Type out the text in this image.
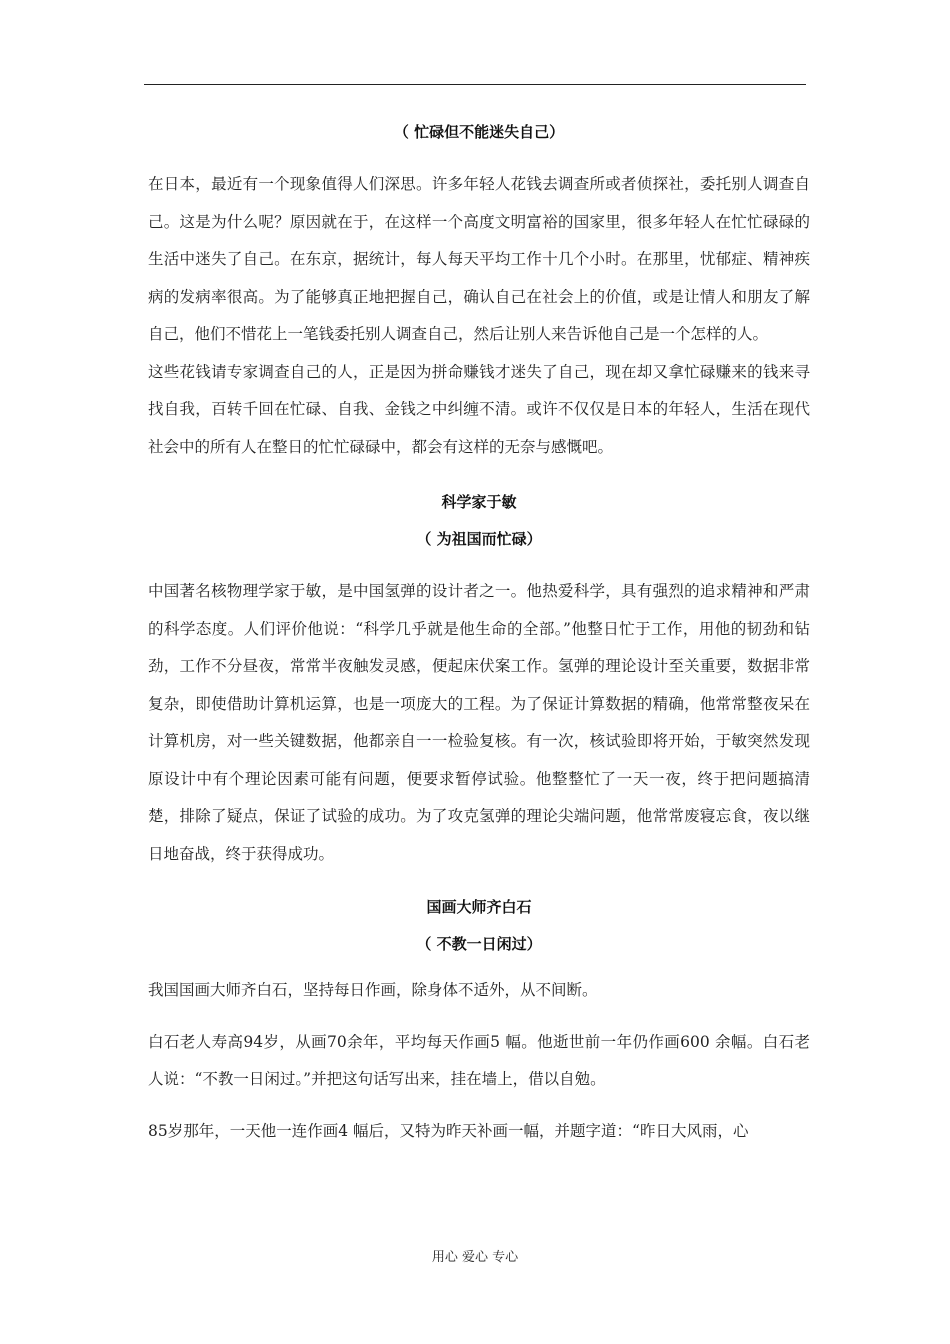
（ 忙碌但不能迷失自己）

在日本，最近有一个现象值得人们深思。许多年轻人花钱去调查所或者侦探社，委托别人调查自己。这是为什么呢？原因就在于，在这样一个高度文明富裕的国家里，很多年轻人在忙忙碌碌的生活中迷失了自己。在东京，据统计，每人每天平均工作十几个小时。在那里，忧郁症、精神疾病的发病率很高。为了能够真正地把握自己，确认自己在社会上的价值，或是让情人和朋友了解自己，他们不惜花上一笔钱委托别人调查自己，然后让别人来告诉他自己是一个怎样的人。

这些花钱请专家调查自己的人，正是因为拼命赚钱才迷失了自己，现在却又拿忙碌赚来的钱来寻找自我，百转千回在忙碌、自我、金钱之中纠缠不清。或许不仅仅是日本的年轻人，生活在现代社会中的所有人在整日的忙忙碌碌中，都会有这样的无奈与感慨吧。

科学家于敏

（ 为祖国而忙碌）

中国著名核物理学家于敏，是中国氢弹的设计者之一。他热爱科学，具有强烈的追求精神和严肃的科学态度。人们评价他说：“科学几乎就是他生命的全部。”他整日忙于工作，用他的韧劲和钻劲，工作不分昼夜，常常半夜触发灵感，便起床伏案工作。氢弹的理论设计至关重要，数据非常复杂，即使借助计算机运算，也是一项庞大的工程。为了保证计算数据的精确，他常常整夜呆在计算机房，对一些关键数据，他都亲自一一检验复核。有一次，核试验即将开始，于敏突然发现原设计中有个理论因素可能有问题，便要求暂停试验。他整整忙了一天一夜，终于把问题搞清楚，排除了疑点，保证了试验的成功。为了攻克氢弹的理论尖端问题，他常常废寝忘食，夜以继日地奋战，终于获得成功。

国画大师齐白石

（ 不教一日闲过）

我国国画大师齐白石，坚持每日作画，除身体不适外，从不间断。

白石老人寿高94岁，从画70余年，平均每天作画5 幅。他逝世前一年仍作画600 余幅。白石老人说：“不教一日闲过。”并把这句话写出来，挂在墙上，借以自勉。

85岁那年，一天他一连作画4 幅后，又特为昨天补画一幅，并题字道：“昨日大风雨，心

用心 爱心 专心
